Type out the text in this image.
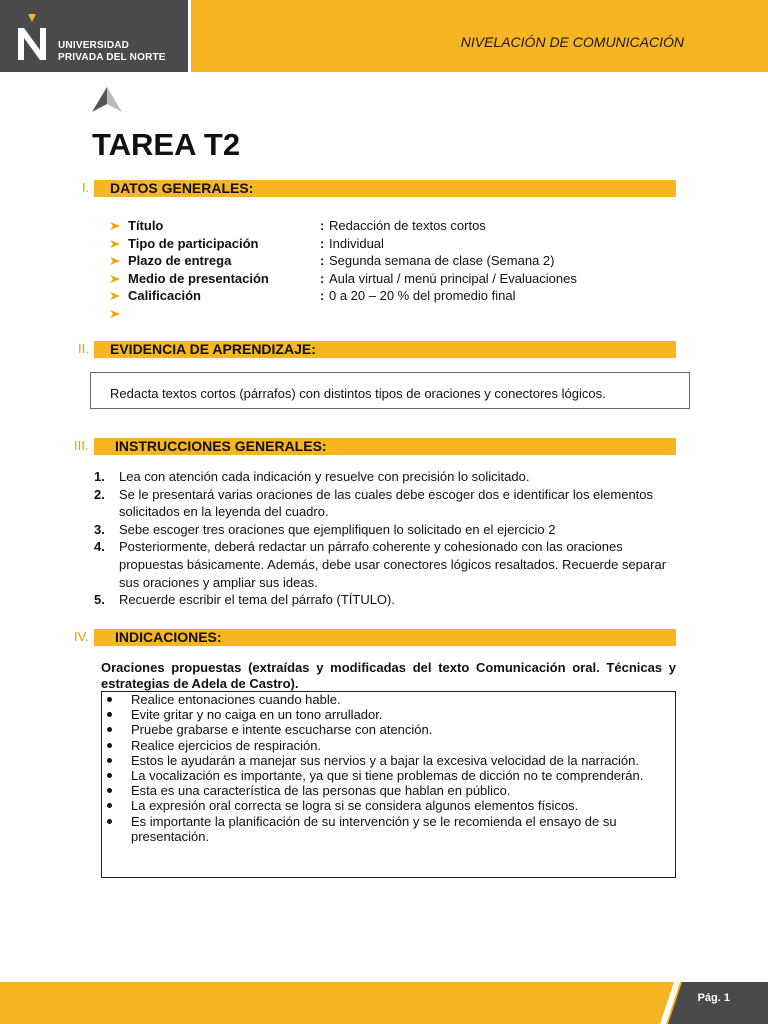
UNIVERSIDAD
PRIVADA DEL NORTE
NIVELACIÓN DE COMUNICACIÓN
TAREA T2
I. DATOS GENERALES:
Título	: Redacción de textos cortos
Tipo de participación	: Individual
Plazo de entrega	: Segunda semana de clase (Semana 2)
Medio de presentación	: Aula virtual / menú principal / Evaluaciones
Calificación	: 0 a 20 – 20 % del promedio final
II. EVIDENCIA DE APRENDIZAJE:
Redacta textos cortos (párrafos) con distintos tipos de oraciones y conectores lógicos.
III. INSTRUCCIONES GENERALES:
1. Lea con atención cada indicación y resuelve con precisión lo solicitado.
2. Se le presentará varias oraciones de las cuales debe escoger dos e identificar los elementos solicitados en la leyenda del cuadro.
3. Sebe escoger tres oraciones que ejemplifiquen lo solicitado en el ejercicio 2
4. Posteriormente, deberá redactar un párrafo coherente y cohesionado con las oraciones propuestas básicamente. Además, debe usar conectores lógicos resaltados. Recuerde separar sus oraciones y ampliar sus ideas.
5. Recuerde escribir el tema del párrafo (TÍTULO).
IV. INDICACIONES:
Oraciones propuestas (extraídas y modificadas del texto Comunicación oral. Técnicas y estrategias de Adela de Castro).
Realice entonaciones cuando hable.
Evite gritar y no caiga en un tono arrullador.
Pruebe grabarse e intente escucharse con atención.
Realice ejercicios de respiración.
Estos le ayudarán a manejar sus nervios y a bajar la excesiva velocidad de la narración.
La vocalización es importante, ya que si tiene problemas de dicción no te comprenderán.
Esta es una característica de las personas que hablan en público.
La expresión oral correcta se logra si se considera algunos elementos físicos.
Es importante la planificación de su intervención y se le recomienda el ensayo de su presentación.
Pág. 1
